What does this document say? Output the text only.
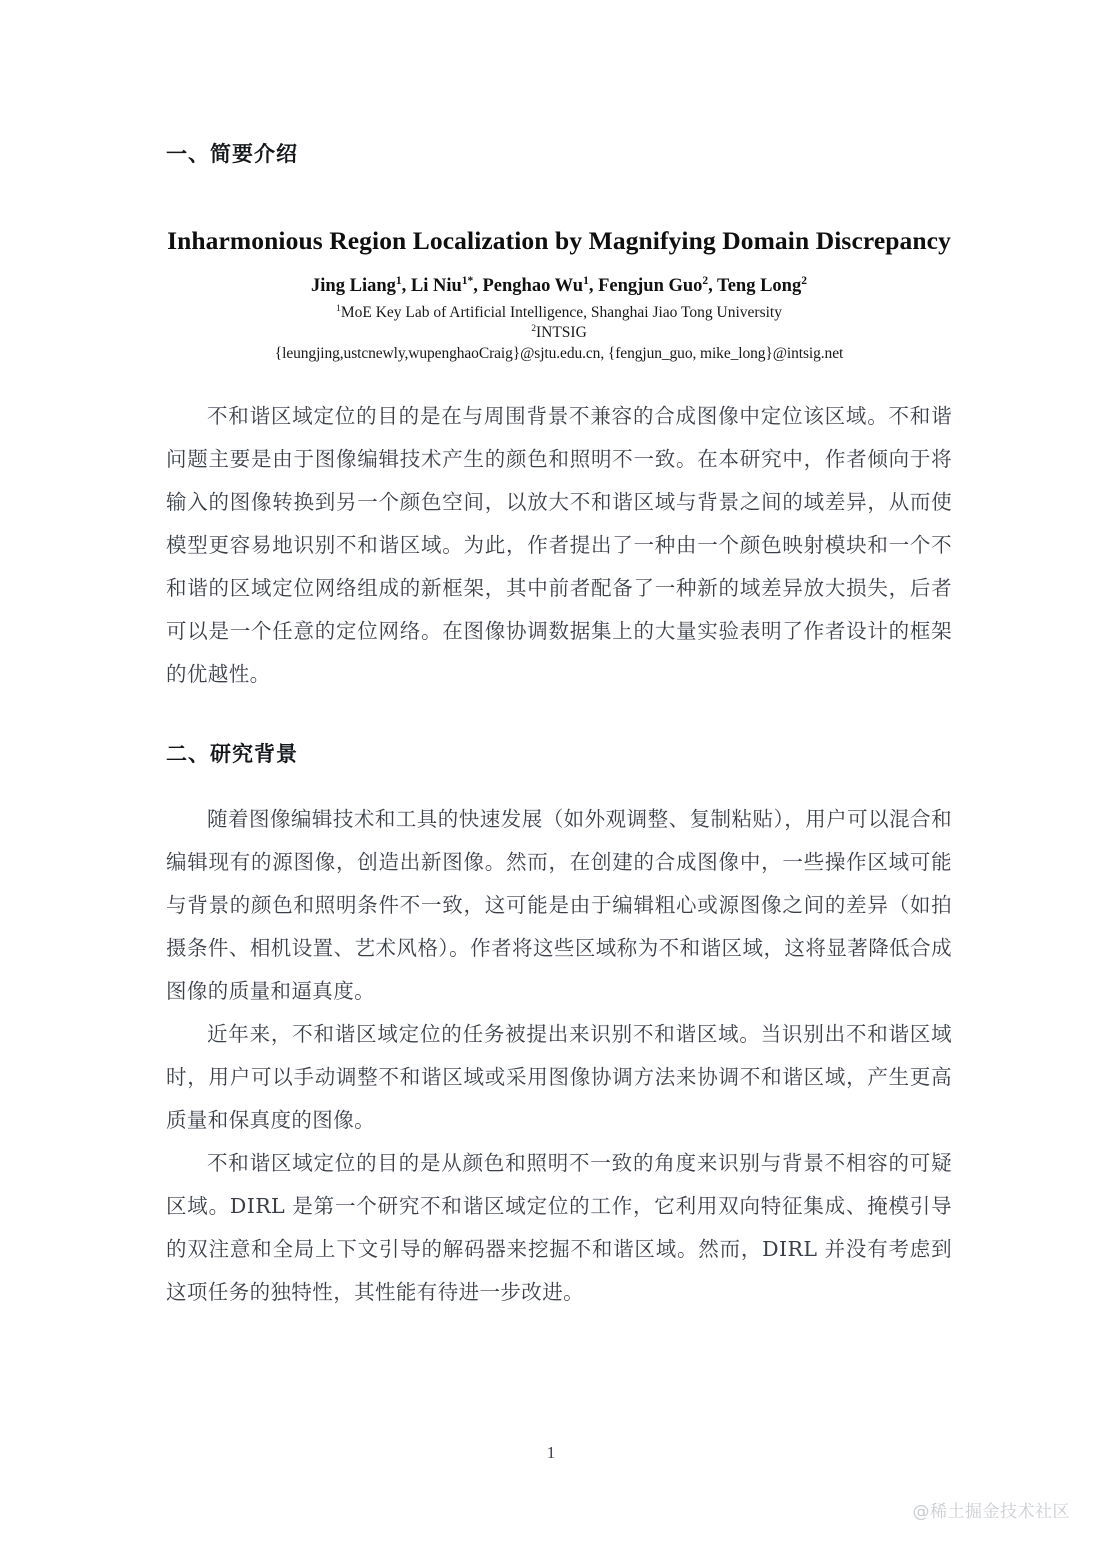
一、简要介绍

Inharmonious Region Localization by Magnifying Domain Discrepancy

Jing Liang$^1$, Li Niu$^{1*}$, Penghao Wu$^1$, Fengjun Guo$^2$, Teng Long$^2$

$^1$MoE Key Lab of Artificial Intelligence, Shanghai Jiao Tong University

$^2$INTSIG

{leungjing,ustcnewly,wupenghaoCraig}@sjtu.edu.cn, {fengjun_guo, mike_long}@intsig.net

不和谐区域定位的目的是在与周围背景不兼容的合成图像中定位该区域。不和谐问题主要是由于图像编辑技术产生的颜色和照明不一致。在本研究中，作者倾向于将输入的图像转换到另一个颜色空间，以放大不和谐区域与背景之间的域差异，从而使模型更容易地识别不和谐区域。为此，作者提出了一种由一个颜色映射模块和一个不和谐的区域定位网络组成的新框架，其中前者配备了一种新的域差异放大损失，后者可以是一个任意的定位网络。在图像协调数据集上的大量实验表明了作者设计的框架的优越性。

二、研究背景

随着图像编辑技术和工具的快速发展（如外观调整、复制粘贴），用户可以混合和编辑现有的源图像，创造出新图像。然而，在创建的合成图像中，一些操作区域可能与背景的颜色和照明条件不一致，这可能是由于编辑粗心或源图像之间的差异（如拍摄条件、相机设置、艺术风格）。作者将这些区域称为不和谐区域，这将显著降低合成图像的质量和逼真度。

近年来，不和谐区域定位的任务被提出来识别不和谐区域。当识别出不和谐区域时，用户可以手动调整不和谐区域或采用图像协调方法来协调不和谐区域，产生更高质量和保真度的图像。

不和谐区域定位的目的是从颜色和照明不一致的角度来识别与背景不相容的可疑区域。DIRL 是第一个研究不和谐区域定位的工作，它利用双向特征集成、掩模引导的双注意和全局上下文引导的解码器来挖掘不和谐区域。然而，DIRL 并没有考虑到这项任务的独特性，其性能有待进一步改进。

1
@稀土掘金技术社区
